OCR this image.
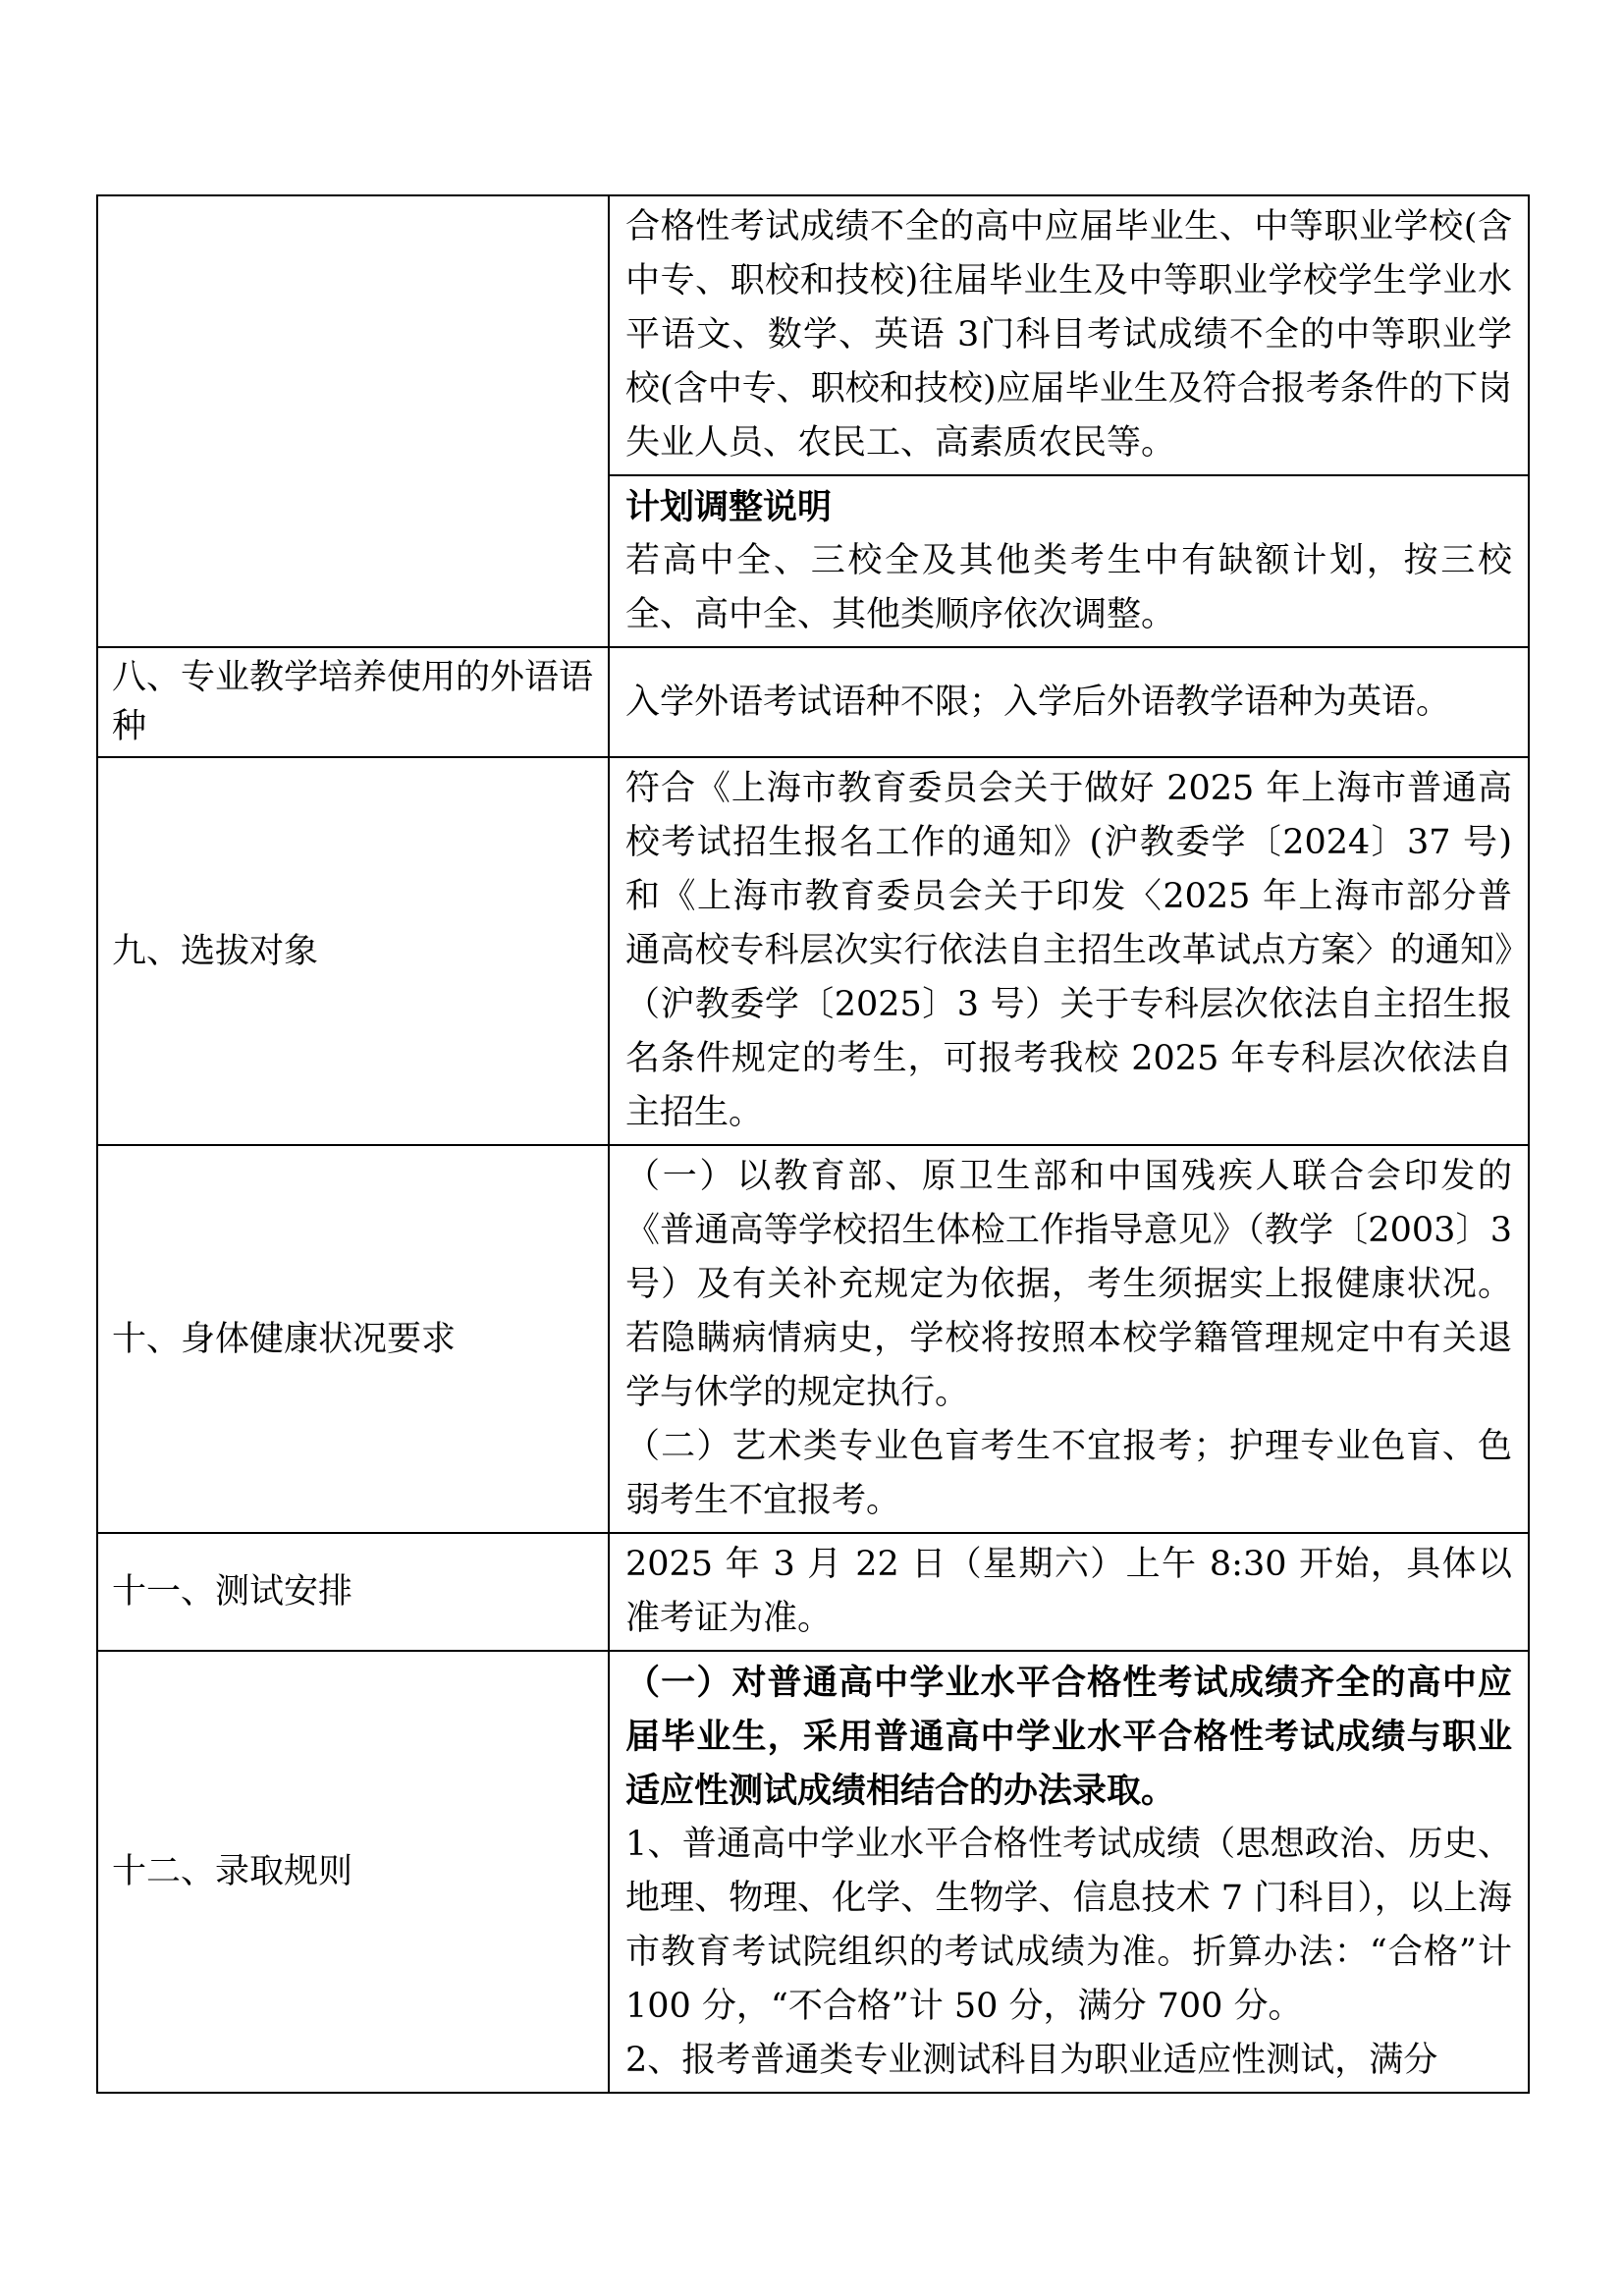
	合格性考试成绩不全的高中应届毕业生、中等职业学校(含中专、职校和技校)往届毕业生及中等职业学校学生学业水平语文、数学、英语 3门科目考试成绩不全的中等职业学校(含中专、职校和技校)应届毕业生及符合报考条件的下岗失业人员、农民工、高素质农民等。

	计划调整说明
若高中全、三校全及其他类考生中有缺额计划，按三校全、高中全、其他类顺序依次调整。

八、专业教学培养使用的外语语种	入学外语考试语种不限；入学后外语教学语种为英语。

九、选拔对象	符合《上海市教育委员会关于做好 2025 年上海市普通高校考试招生报名工作的通知》(沪教委学〔2024〕37 号)和《上海市教育委员会关于印发〈2025 年上海市部分普通高校专科层次实行依法自主招生改革试点方案〉的通知》（沪教委学〔2025〕3 号）关于专科层次依法自主招生报名条件规定的考生，可报考我校 2025 年专科层次依法自主招生。

十、身体健康状况要求	（一）以教育部、原卫生部和中国残疾人联合会印发的《普通高等学校招生体检工作指导意见》（教学〔2003〕3 号）及有关补充规定为依据，考生须据实上报健康状况。若隐瞒病情病史，学校将按照本校学籍管理规定中有关退学与休学的规定执行。
（二）艺术类专业色盲考生不宜报考；护理专业色盲、色弱考生不宜报考。

十一、测试安排	2025 年 3 月 22 日（星期六）上午 8:30 开始，具体以准考证为准。

十二、录取规则	（一）对普通高中学业水平合格性考试成绩齐全的高中应届毕业生，采用普通高中学业水平合格性考试成绩与职业适应性测试成绩相结合的办法录取。
1、普通高中学业水平合格性考试成绩（思想政治、历史、地理、物理、化学、生物学、信息技术 7 门科目），以上海市教育考试院组织的考试成绩为准。折算办法：“合格”计 100 分，“不合格”计 50 分，满分 700 分。
2、报考普通类专业测试科目为职业适应性测试，满分
